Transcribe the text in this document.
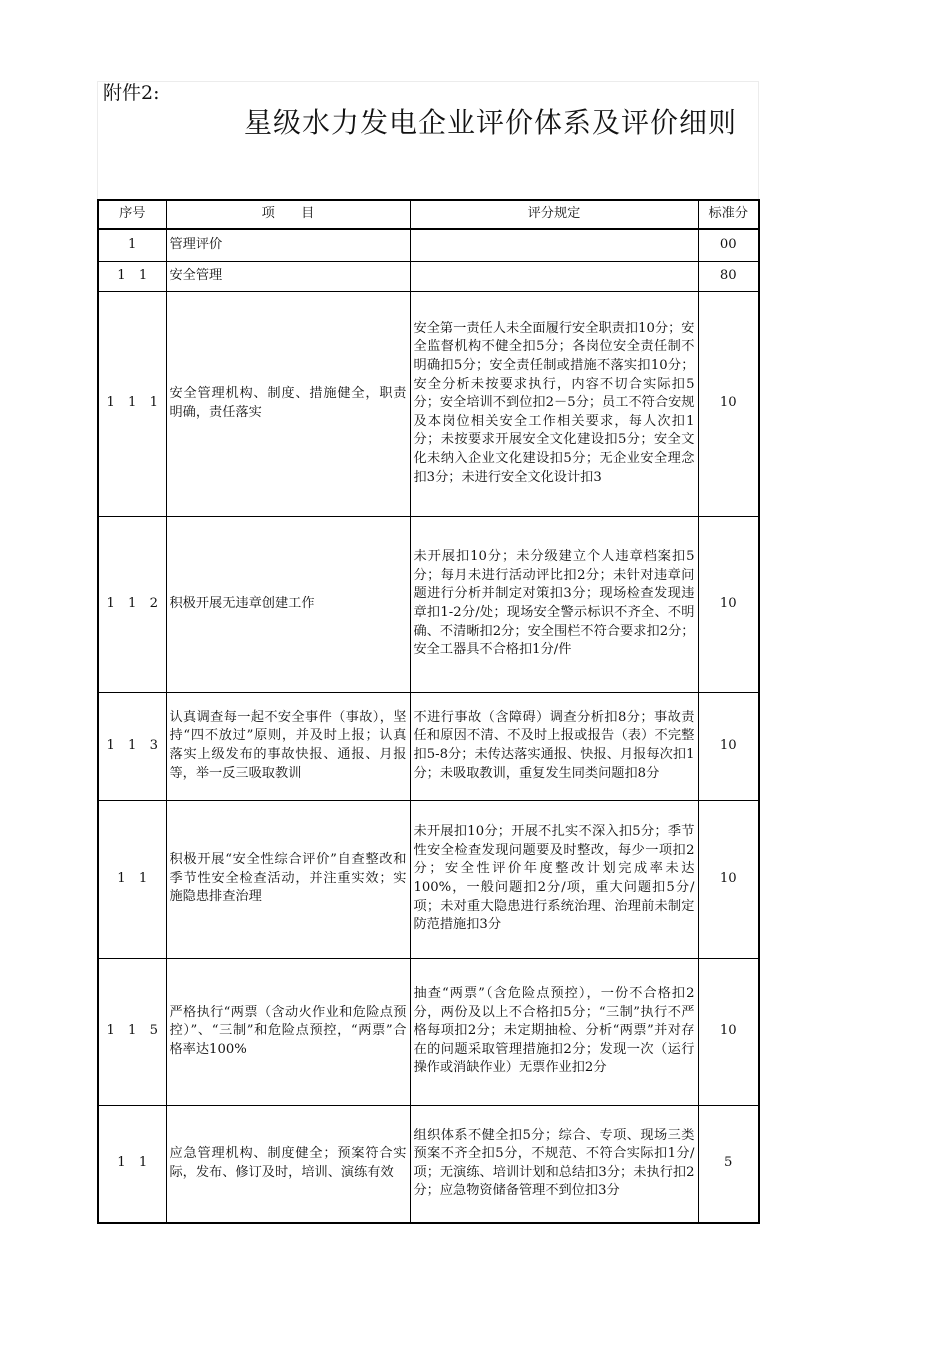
附件2:
星级水力发电企业评价体系及评价细则
序号	项　　目	评分规定	标准分
1	管理评价		00
1　1	安全管理		80
1　1　1	安全管理机构、制度、措施健全，职责明确，责任落实	安全第一责任人未全面履行安全职责扣10分；安全监督机构不健全扣5分；各岗位安全责任制不明确扣5分；安全责任制或措施不落实扣10分；安全分析未按要求执行，内容不切合实际扣5分；安全培训不到位扣2－5分；员工不符合安规及本岗位相关安全工作相关要求，每人次扣1分；未按要求开展安全文化建设扣5分；安全文化未纳入企业文化建设扣5分；无企业安全理念扣3分；未进行安全文化设计扣3	10
1　1　2	积极开展无违章创建工作	未开展扣10分；未分级建立个人违章档案扣5分；每月未进行活动评比扣2分；未针对违章问题进行分析并制定对策扣3分；现场检查发现违章扣1-2分/处；现场安全警示标识不齐全、不明确、不清晰扣2分；安全围栏不符合要求扣2分；安全工器具不合格扣1分/件	10
1　1　3	认真调查每一起不安全事件（事故），坚持“四不放过”原则，并及时上报；认真落实上级发布的事故快报、通报、月报等，举一反三吸取教训	不进行事故（含障碍）调查分析扣8分；事故责任和原因不清、不及时上报或报告（表）不完整扣5-8分；未传达落实通报、快报、月报每次扣1分；未吸取教训，重复发生同类问题扣8分	10
1　1	积极开展“安全性综合评价”自查整改和季节性安全检查活动，并注重实效；实施隐患排查治理	未开展扣10分；开展不扎实不深入扣5分；季节性安全检查发现问题要及时整改，每少一项扣2分；安全性评价年度整改计划完成率未达100%，一般问题扣2分/项，重大问题扣5分/项；未对重大隐患进行系统治理、治理前未制定防范措施扣3分	10
1　1　5	严格执行“两票（含动火作业和危险点预控）”、“三制”和危险点预控，“两票”合格率达100%	抽查“两票”（含危险点预控），一份不合格扣2分，两份及以上不合格扣5分；“三制”执行不严格每项扣2分；未定期抽检、分析“两票”并对存在的问题采取管理措施扣2分；发现一次（运行操作或消缺作业）无票作业扣2分	10
1　1	应急管理机构、制度健全；预案符合实际，发布、修订及时，培训、演练有效	组织体系不健全扣5分；综合、专项、现场三类预案不齐全扣5分，不规范、不符合实际扣1分/项；无演练、培训计划和总结扣3分；未执行扣2分；应急物资储备管理不到位扣3分	5
